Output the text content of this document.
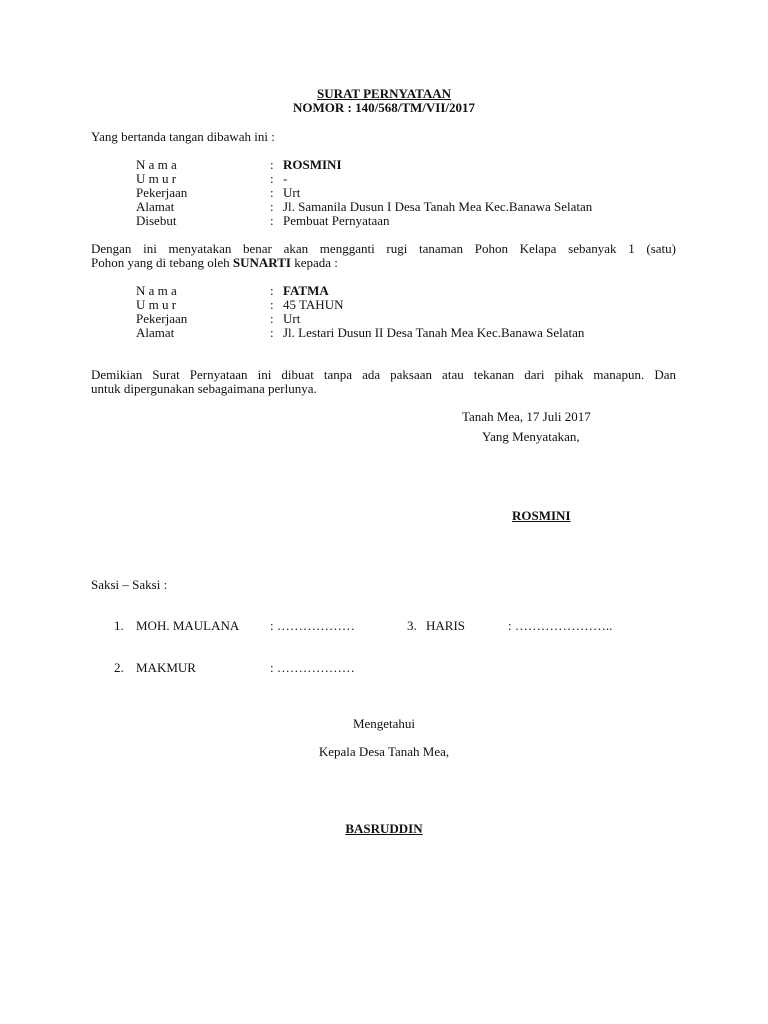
SURAT PERNYATAAN
NOMOR : 140/568/TM/VII/2017
Yang bertanda tangan dibawah ini :
N a m a	: ROSMINI
U m u r	: -
Pekerjaan	: Urt
Alamat	: Jl. Samanila Dusun I Desa Tanah Mea Kec.Banawa Selatan
Disebut	: Pembuat Pernyataan
Dengan ini menyatakan benar akan mengganti rugi tanaman Pohon Kelapa sebanyak 1 (satu)
Pohon yang di tebang oleh SUNARTI kepada :
N a m a	: FATMA
U m u r	: 45 TAHUN
Pekerjaan	: Urt
Alamat	: Jl. Lestari Dusun II Desa Tanah Mea Kec.Banawa Selatan
Demikian Surat Pernyataan ini dibuat tanpa ada paksaan atau tekanan dari pihak manapun. Dan
untuk dipergunakan sebagaimana perlunya.
Tanah Mea, 17 Juli 2017
Yang Menyatakan,
ROSMINI
Saksi – Saksi :
1. MOH. MAULANA : ………………	3. HARIS	: …………………..
2. MAKMUR	: ………………
Mengetahui
Kepala Desa Tanah Mea,
BASRUDDIN
